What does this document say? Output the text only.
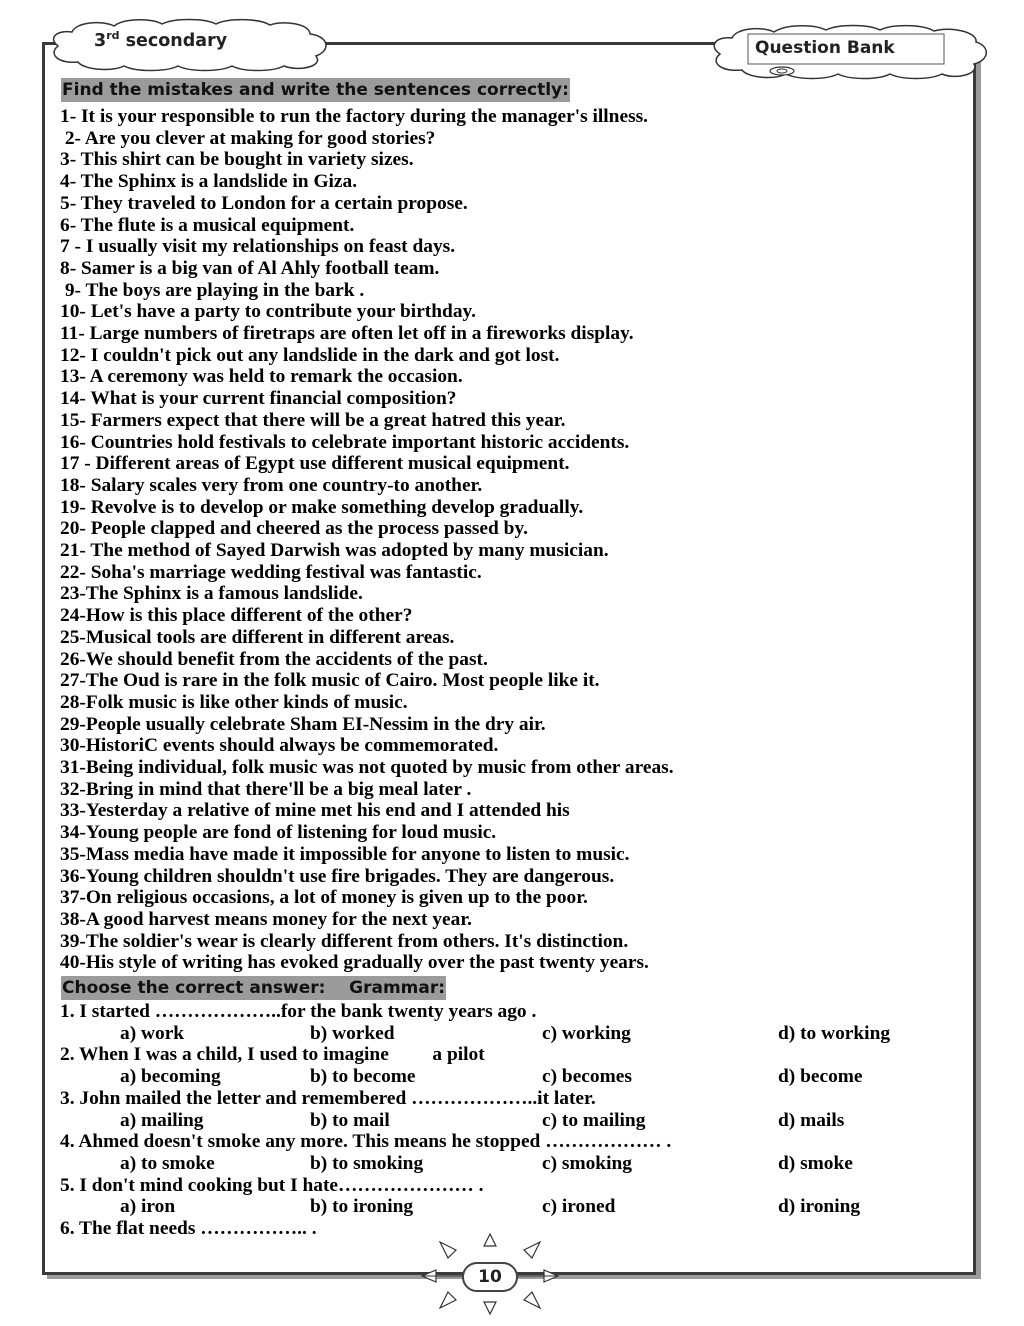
3rd secondary	Question Bank
Find the mistakes and write the sentences correctly:
1- It is your responsible to run the factory during the manager's illness.
2- Are you clever at making for good stories?
3- This shirt can be bought in variety sizes.
4- The Sphinx is a landslide in Giza.
5- They traveled to London for a certain propose.
6- The flute is a musical equipment.
7 - I usually visit my relationships on feast days.
8- Samer is a big van of Al Ahly football team.
9- The boys are playing in the bark .
10- Let's have a party to contribute your birthday.
11- Large numbers of firetraps are often let off in a fireworks display.
12- I couldn't pick out any landslide in the dark and got lost.
13- A ceremony was held to remark the occasion.
14- What is your current financial composition?
15- Farmers expect that there will be a great hatred this year.
16- Countries hold festivals to celebrate important historic accidents.
17 - Different areas of Egypt use different musical equipment.
18- Salary scales very from one country-to another.
19- Revolve is to develop or make something develop gradually.
20- People clapped and cheered as the process passed by.
21- The method of Sayed Darwish was adopted by many musician.
22- Soha's marriage wedding festival was fantastic.
23-The Sphinx is a famous landslide.
24-How is this place different of the other?
25-Musical tools are different in different areas.
26-We should benefit from the accidents of the past.
27-The Oud is rare in the folk music of Cairo. Most people like it.
28-Folk music is like other kinds of music.
29-People usually celebrate Sham EI-Nessim in the dry air.
30-HistoriC events should always be commemorated.
31-Being individual, folk music was not quoted by music from other areas.
32-Bring in mind that there'll be a big meal later .
33-Yesterday a relative of mine met his end and I attended his
34-Young people are fond of listening for loud music.
35-Mass media have made it impossible for anyone to listen to music.
36-Young children shouldn't use fire brigades. They are dangerous.
37-On religious occasions, a lot of money is given up to the poor.
38-A good harvest means money for the next year.
39-The soldier's wear is clearly different from others. It's distinction.
40-His style of writing has evoked gradually over the past twenty years.
Choose the correct answer:    Grammar:
1. I started ………………..for the bank twenty years ago .
a) work	b) worked	c) working	d) to working
2. When I was a child, I used to imagine         a pilot
a) becoming	b) to become	c) becomes	d) become
3. John mailed the letter and remembered ………………..it later.
a) mailing	b) to mail	c) to mailing	d) mails
4. Ahmed doesn't smoke any more. This means he stopped ……………… .
a) to smoke	b) to smoking	c) smoking	d) smoke
5. I don't mind cooking but I hate………………… .
a) iron	b) to ironing	c) ironed	d) ironing
6. The flat needs …………….. .
10
